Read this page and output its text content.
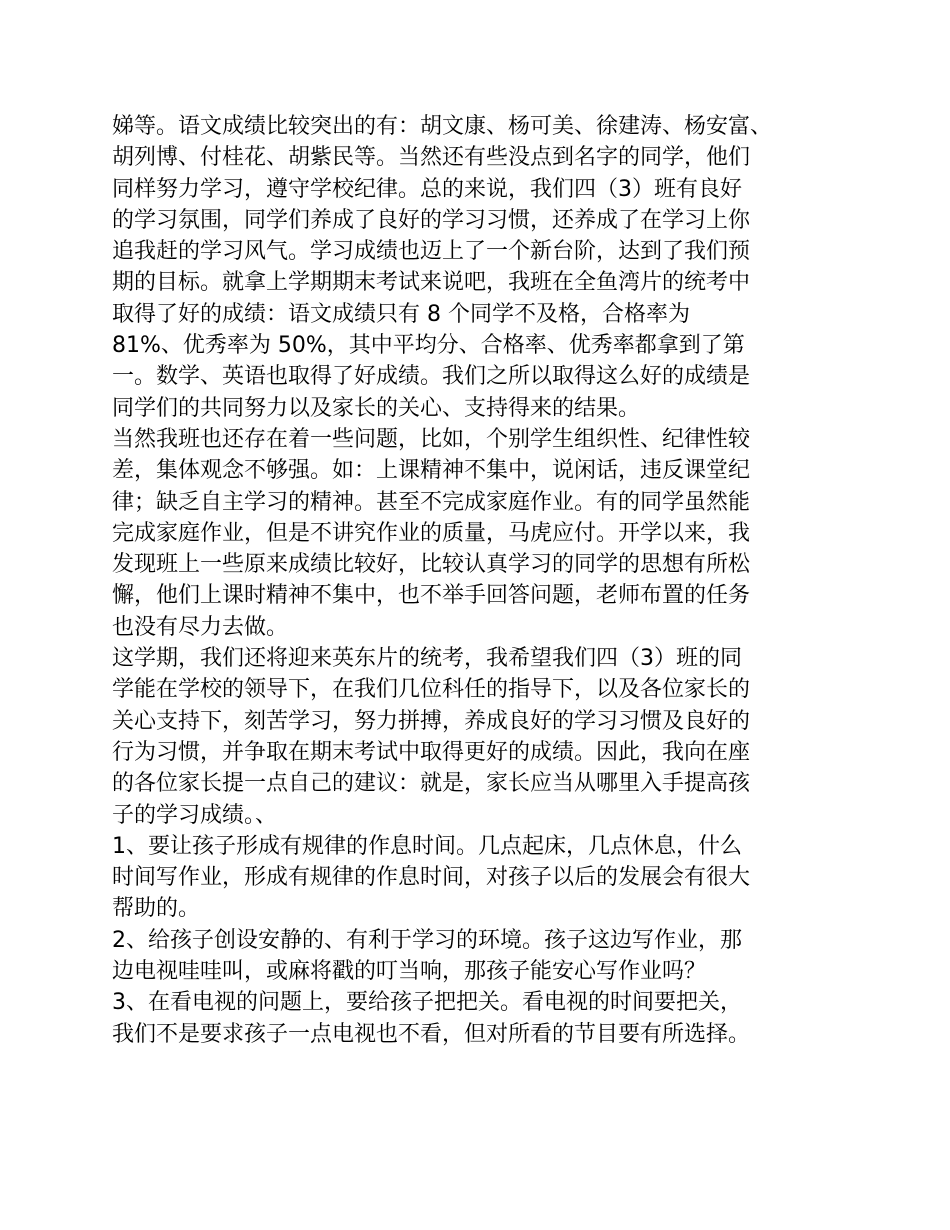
娣等。语文成绩比较突出的有：胡文康、杨可美、徐建涛、杨安富、
胡列博、付桂花、胡紫民等。当然还有些没点到名字的同学，他们
同样努力学习，遵守学校纪律。总的来说，我们四（3）班有良好
的学习氛围，同学们养成了良好的学习习惯，还养成了在学习上你
追我赶的学习风气。学习成绩也迈上了一个新台阶，达到了我们预
期的目标。就拿上学期期末考试来说吧，我班在全鱼湾片的统考中
取得了好的成绩：语文成绩只有 8 个同学不及格，合格率为
81%、优秀率为 50%，其中平均分、合格率、优秀率都拿到了第
一。数学、英语也取得了好成绩。我们之所以取得这么好的成绩是
同学们的共同努力以及家长的关心、支持得来的结果。
当然我班也还存在着一些问题，比如，个别学生组织性、纪律性较
差，集体观念不够强。如：上课精神不集中，说闲话，违反课堂纪
律；缺乏自主学习的精神。甚至不完成家庭作业。有的同学虽然能
完成家庭作业，但是不讲究作业的质量，马虎应付。开学以来，我
发现班上一些原来成绩比较好，比较认真学习的同学的思想有所松
懈，他们上课时精神不集中，也不举手回答问题，老师布置的任务
也没有尽力去做。
这学期，我们还将迎来英东片的统考，我希望我们四（3）班的同
学能在学校的领导下，在我们几位科任的指导下，以及各位家长的
关心支持下，刻苦学习，努力拼搏，养成良好的学习习惯及良好的
行为习惯，并争取在期末考试中取得更好的成绩。因此，我向在座
的各位家长提一点自己的建议：就是，家长应当从哪里入手提高孩
子的学习成绩。、
1、要让孩子形成有规律的作息时间。几点起床，几点休息，什么
时间写作业，形成有规律的作息时间，对孩子以后的发展会有很大
帮助的。
2、给孩子创设安静的、有利于学习的环境。孩子这边写作业，那
边电视哇哇叫，或麻将戳的叮当响，那孩子能安心写作业吗？
3、在看电视的问题上，要给孩子把把关。看电视的时间要把关，
我们不是要求孩子一点电视也不看，但对所看的节目要有所选择。
